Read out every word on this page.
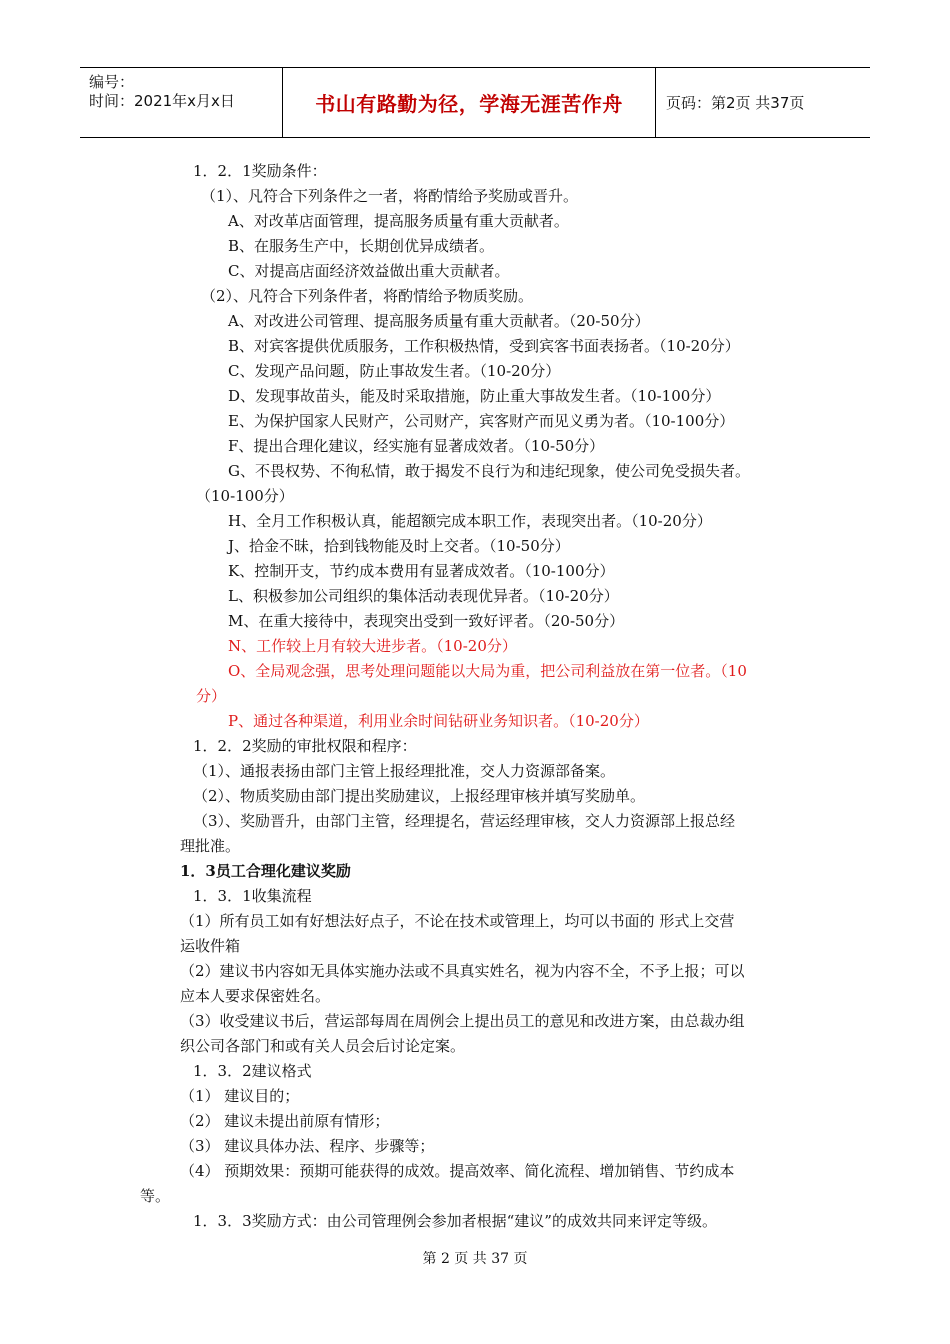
编号：
时间：2021年x月x日	书山有路勤为径，学海无涯苦作舟	页码：第2页 共37页
1．2．1奖励条件：
（1）、凡符合下列条件之一者，将酌情给予奖励或晋升。
A、对改革店面管理，提高服务质量有重大贡献者。
B、在服务生产中，长期创优异成绩者。
C、对提高店面经济效益做出重大贡献者。
（2）、凡符合下列条件者，将酌情给予物质奖励。
A、对改进公司管理、提高服务质量有重大贡献者。（20-50分）
B、对宾客提供优质服务，工作积极热情，受到宾客书面表扬者。（10-20分）
C、发现产品问题，防止事故发生者。（10-20分）
D、发现事故苗头，能及时采取措施，防止重大事故发生者。（10-100分）
E、为保护国家人民财产，公司财产，宾客财产而见义勇为者。（10-100分）
F、提出合理化建议，经实施有显著成效者。（10-50分）
G、不畏权势、不徇私情，敢于揭发不良行为和违纪现象，使公司免受损失者。
（10-100分）
H、全月工作积极认真，能超额完成本职工作，表现突出者。（10-20分）
J、拾金不昧，拾到钱物能及时上交者。（10-50分）
K、控制开支，节约成本费用有显著成效者。（10-100分）
L、积极参加公司组织的集体活动表现优异者。（10-20分）
M、在重大接待中，表现突出受到一致好评者。（20-50分）
N、工作较上月有较大进步者。（10-20分）
O、全局观念强，思考处理问题能以大局为重，把公司利益放在第一位者。（10
分）
P、通过各种渠道，利用业余时间钻研业务知识者。（10-20分）
1．2．2奖励的审批权限和程序：
（1）、通报表扬由部门主管上报经理批准，交人力资源部备案。
（2）、物质奖励由部门提出奖励建议，上报经理审核并填写奖励单。
（3）、奖励晋升，由部门主管，经理提名，营运经理审核，交人力资源部上报总经
理批准。
1．3员工合理化建议奖励
1．3．1收集流程
（1）所有员工如有好想法好点子，不论在技术或管理上，均可以书面的 形式上交营
运收件箱
（2）建议书内容如无具体实施办法或不具真实姓名，视为内容不全，不予上报；可以
应本人要求保密姓名。
（3）收受建议书后，营运部每周在周例会上提出员工的意见和改进方案，由总裁办组
织公司各部门和或有关人员会后讨论定案。
1．3．2建议格式
（1） 建议目的；
（2） 建议未提出前原有情形；
（3） 建议具体办法、程序、步骤等；
（4） 预期效果：预期可能获得的成效。提高效率、简化流程、增加销售、节约成本
等。
1．3．3奖励方式：由公司管理例会参加者根据“建议”的成效共同来评定等级。
第 2 页 共 37 页
